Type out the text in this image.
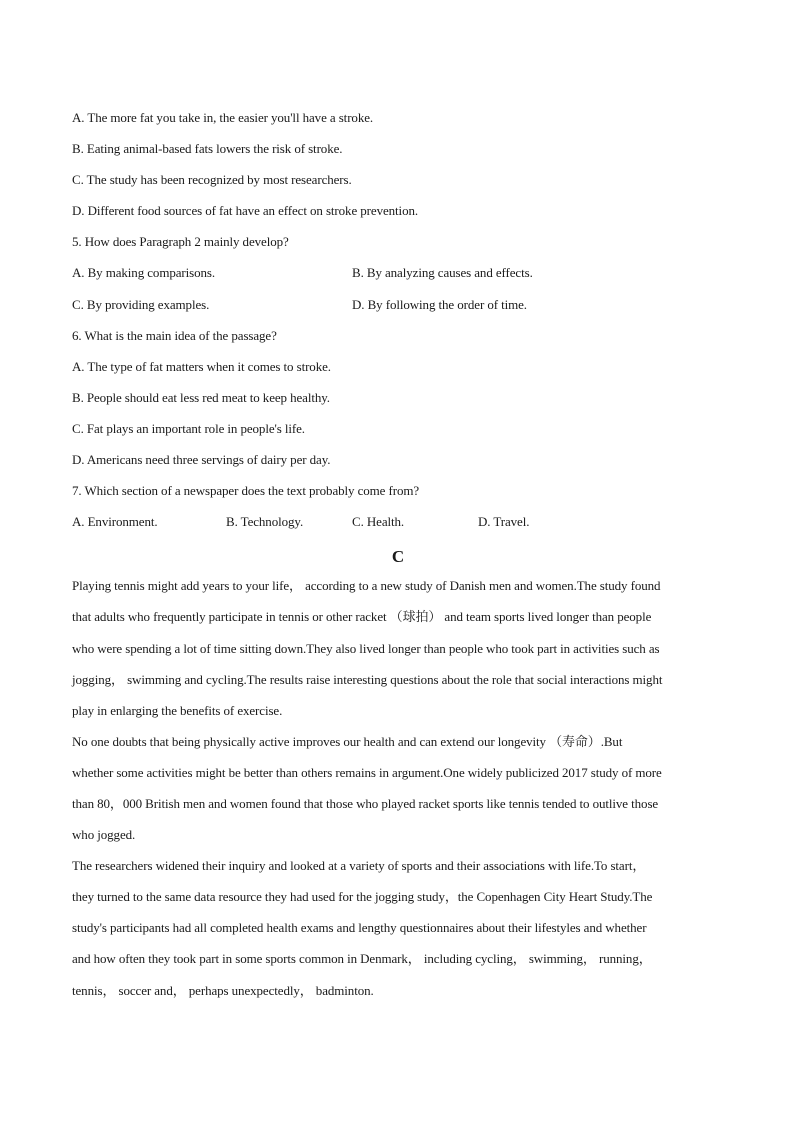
A. The more fat you take in, the easier you'll have a stroke.
B. Eating animal-based fats lowers the risk of stroke.
C. The study has been recognized by most researchers.
D. Different food sources of fat have an effect on stroke prevention.
5. How does Paragraph 2 mainly develop?
A. By making comparisons.	B. By analyzing causes and effects.
C. By providing examples.	D. By following the order of time.
6. What is the main idea of the passage?
A. The type of fat matters when it comes to stroke.
B. People should eat less red meat to keep healthy.
C. Fat plays an important role in people's life.
D. Americans need three servings of dairy per day.
7. Which section of a newspaper does the text probably come from?
A. Environment.	B. Technology.	C. Health.	D. Travel.
C
Playing tennis might add years to your life， according to a new study of Danish men and women.The study found
that adults who frequently participate in tennis or other racket （球拍） and team sports lived longer than people
who were spending a lot of time sitting down.They also lived longer than people who took part in activities such as
jogging， swimming and cycling.The results raise interesting questions about the role that social interactions might
play in enlarging the benefits of exercise.
No one doubts that being physically active improves our health and can extend our longevity （寿命）.But
whether some activities might be better than others remains in argument.One widely publicized 2017 study of more
than 80，000 British men and women found that those who played racket sports like tennis tended to outlive those
who jogged.
The researchers widened their inquiry and looked at a variety of sports and their associations with life.To start，
they turned to the same data resource they had used for the jogging study，the Copenhagen City Heart Study.The
study's participants had all completed health exams and lengthy questionnaires about their lifestyles and whether
and how often they took part in some sports common in Denmark， including cycling， swimming， running，
tennis， soccer and， perhaps unexpectedly， badminton.
